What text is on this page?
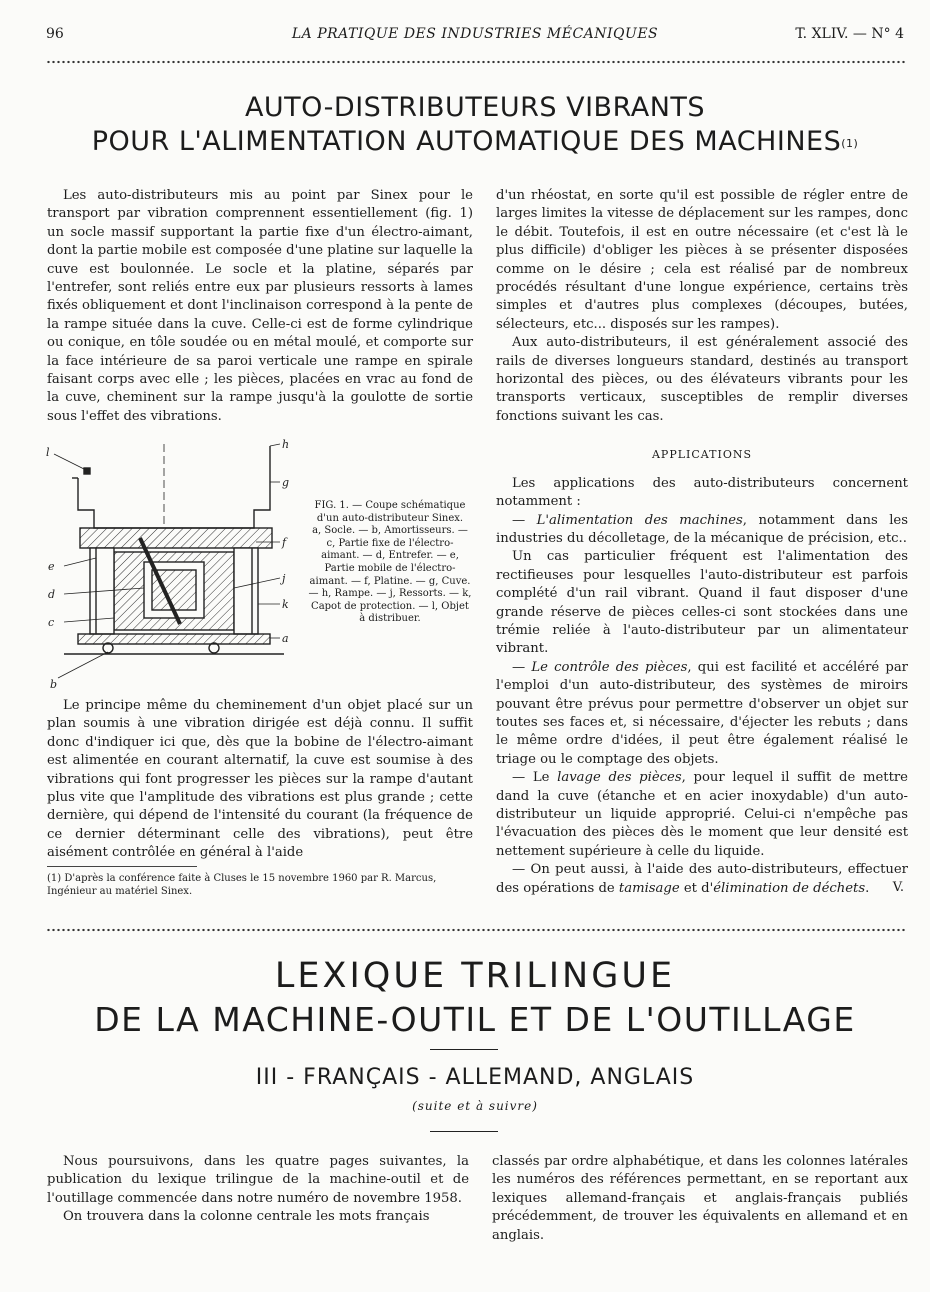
96	LA PRATIQUE DES INDUSTRIES MÉCANIQUES	T. XLIV. — N° 4
AUTO-DISTRIBUTEURS VIBRANTS
POUR L'ALIMENTATION AUTOMATIQUE DES MACHINES$^{(1)}$

Les auto-distributeurs mis au point par Sinex pour le transport par vibration comprennent essentiellement (fig. 1) un socle massif supportant la partie fixe d'un électro-aimant, dont la partie mobile est composée d'une platine sur laquelle la cuve est boulonnée. Le socle et la platine, séparés par l'entrefer, sont reliés entre eux par plusieurs ressorts à lames fixés obliquement et dont l'inclinaison correspond à la pente de la rampe située dans la cuve. Celle-ci est de forme cylindrique ou conique, en tôle soudée ou en métal moulé, et comporte sur la face intérieure de sa paroi verticale une rampe en spirale faisant corps avec elle ; les pièces, placées en vrac au fond de la cuve, cheminent sur la rampe jusqu'à la goulotte de sortie sous l'effet des vibrations.

l
h
g
f
e
d
c
j
k
a
b
FIG. 1. — Coupe schématique d'un auto-distributeur Sinex.
a, Socle. — b, Amortisseurs. — c, Partie fixe de l'électro-aimant. — d, Entrefer. — e, Partie mobile de l'électro-aimant. — f, Platine. — g, Cuve. — h, Rampe. — j, Ressorts. — k, Capot de protection. — l, Objet à distribuer.

Le principe même du cheminement d'un objet placé sur un plan soumis à une vibration dirigée est déjà connu. Il suffit donc d'indiquer ici que, dès que la bobine de l'électro-aimant est alimentée en courant alternatif, la cuve est soumise à des vibrations qui font progresser les pièces sur la rampe d'autant plus vite que l'amplitude des vibrations est plus grande ; cette dernière, qui dépend de l'intensité du courant (la fréquence de ce dernier déterminant celle des vibrations), peut être aisément contrôlée en général à l'aide

(1) D'après la conférence faite à Cluses le 15 novembre 1960 par R. Marcus, Ingénieur au matériel Sinex.

d'un rhéostat, en sorte qu'il est possible de régler entre de larges limites la vitesse de déplacement sur les rampes, donc le débit. Toutefois, il est en outre nécessaire (et c'est là le plus difficile) d'obliger les pièces à se présenter disposées comme on le désire ; cela est réalisé par de nombreux procédés résultant d'une longue expérience, certains très simples et d'autres plus complexes (découpes, butées, sélecteurs, etc... disposés sur les rampes).

Aux auto-distributeurs, il est généralement associé des rails de diverses longueurs standard, destinés au transport horizontal des pièces, ou des élévateurs vibrants pour les transports verticaux, susceptibles de remplir diverses fonctions suivant les cas.

APPLICATIONS

Les applications des auto-distributeurs concernent notamment :

— L'alimentation des machines, notamment dans les industries du décolletage, de la mécanique de précision, etc..

Un cas particulier fréquent est l'alimentation des rectifieuses pour lesquelles l'auto-distributeur est parfois complété d'un rail vibrant. Quand il faut disposer d'une grande réserve de pièces celles-ci sont stockées dans une trémie reliée à l'auto-distributeur par un alimentateur vibrant.

— Le contrôle des pièces, qui est facilité et accéléré par l'emploi d'un auto-distributeur, des systèmes de miroirs pouvant être prévus pour permettre d'observer un objet sur toutes ses faces et, si nécessaire, d'éjecter les rebuts ; dans le même ordre d'idées, il peut être également réalisé le triage ou le comptage des objets.

— Le lavage des pièces, pour lequel il suffit de mettre dand la cuve (étanche et en acier inoxydable) d'un auto-distributeur un liquide approprié. Celui-ci n'empêche pas l'évacuation des pièces dès le moment que leur densité est nettement supérieure à celle du liquide.

— On peut aussi, à l'aide des auto-distributeurs, effectuer des opérations de tamisage et d'élimination de déchets.	V.
LEXIQUE TRILINGUE
DE LA MACHINE-OUTIL ET DE L'OUTILLAGE
III - FRANÇAIS - ALLEMAND, ANGLAIS
(suite et à suivre)

Nous poursuivons, dans les quatre pages suivantes, la publication du lexique trilingue de la machine-outil et de l'outillage commencée dans notre numéro de novembre 1958.

On trouvera dans la colonne centrale les mots français

classés par ordre alphabétique, et dans les colonnes latérales les numéros des références permettant, en se reportant aux lexiques allemand-français et anglais-français publiés précédemment, de trouver les équivalents en allemand et en anglais.
